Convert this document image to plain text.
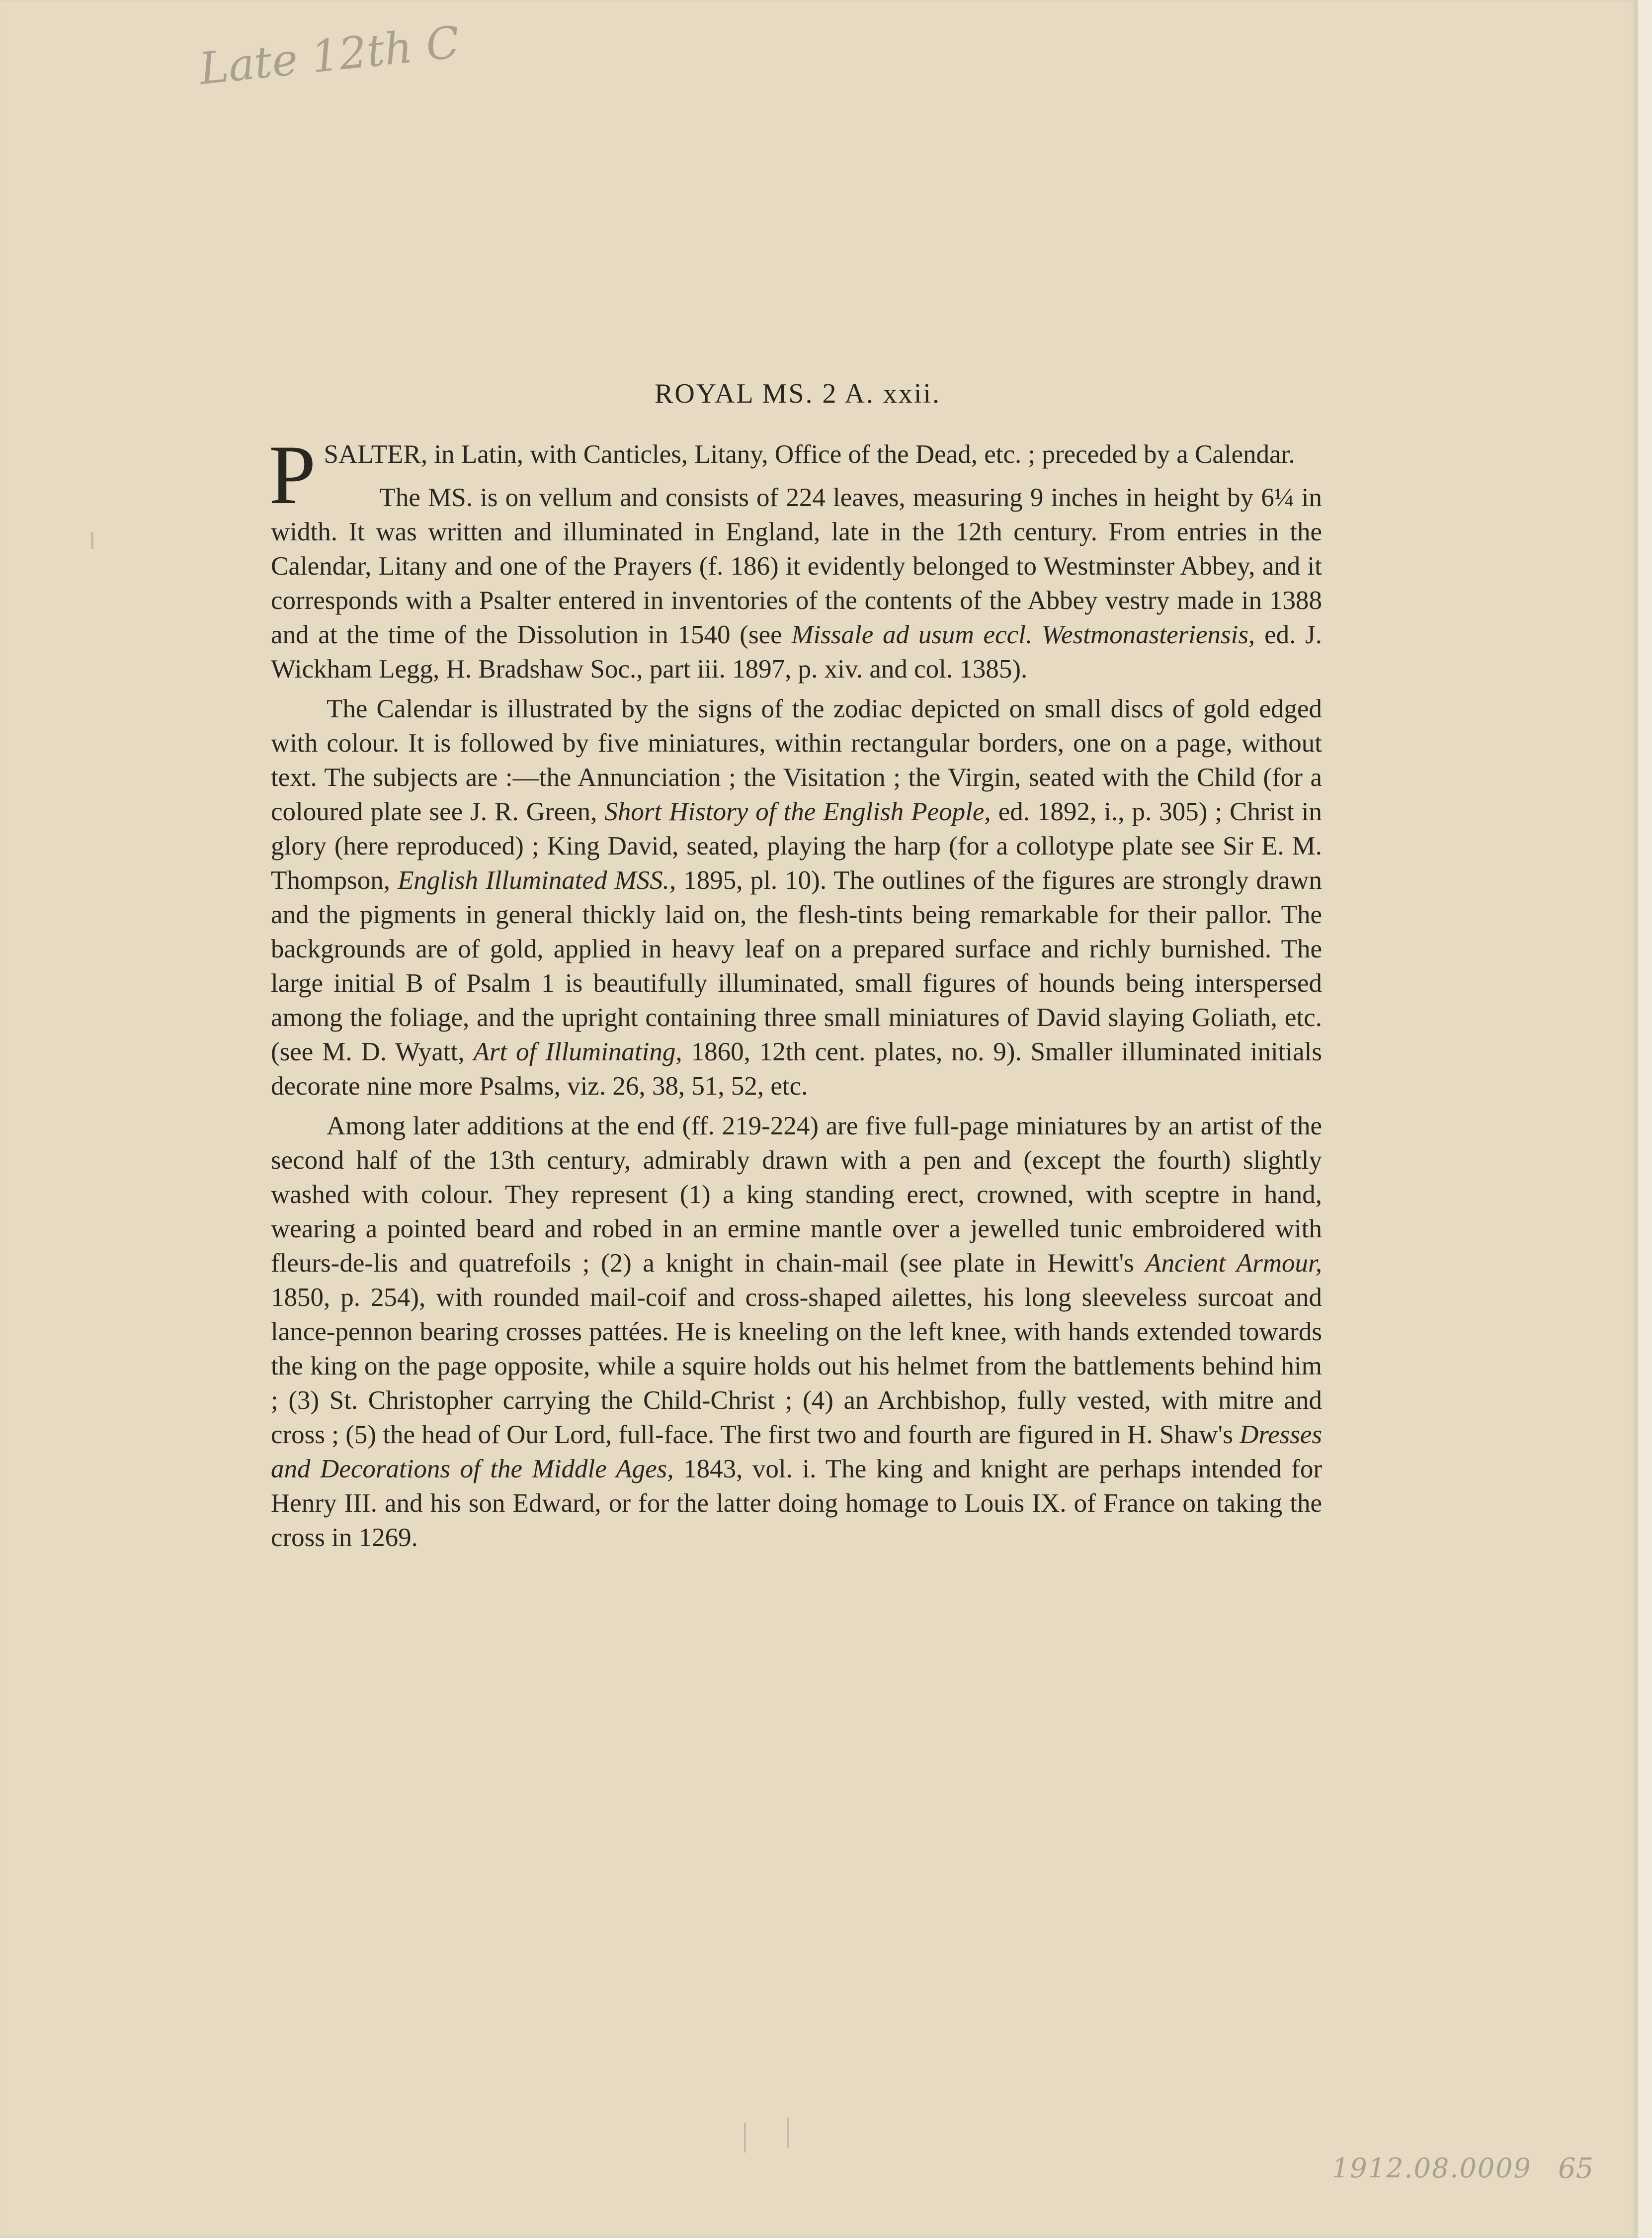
Late 12th C
1912.08.0009 65
ROYAL MS. 2 A. xxii.

PSALTER, in Latin, with Canticles, Litany, Office of the Dead, etc. ; preceded by a Calendar.

The MS. is on vellum and consists of 224 leaves, measuring 9 inches in height by 6¼ in width. It was written and illuminated in England, late in the 12th century. From entries in the Calendar, Litany and one of the Prayers (f. 186) it evidently belonged to Westminster Abbey, and it corresponds with a Psalter entered in inventories of the contents of the Abbey vestry made in 1388 and at the time of the Dissolution in 1540 (see Missale ad usum eccl. Westmonasteriensis, ed. J. Wickham Legg, H. Bradshaw Soc., part iii. 1897, p. xiv. and col. 1385).

The Calendar is illustrated by the signs of the zodiac depicted on small discs of gold edged with colour. It is followed by five miniatures, within rectangular borders, one on a page, without text. The subjects are :—the Annunciation ; the Visitation ; the Virgin, seated with the Child (for a coloured plate see J. R. Green, Short History of the English People, ed. 1892, i., p. 305) ; Christ in glory (here reproduced) ; King David, seated, playing the harp (for a collotype plate see Sir E. M. Thompson, English Illuminated MSS., 1895, pl. 10). The outlines of the figures are strongly drawn and the pigments in general thickly laid on, the flesh-tints being remarkable for their pallor. The backgrounds are of gold, applied in heavy leaf on a prepared surface and richly burnished. The large initial B of Psalm 1 is beautifully illuminated, small figures of hounds being interspersed among the foliage, and the upright containing three small miniatures of David slaying Goliath, etc. (see M. D. Wyatt, Art of Illuminating, 1860, 12th cent. plates, no. 9). Smaller illuminated initials decorate nine more Psalms, viz. 26, 38, 51, 52, etc.

Among later additions at the end (ff. 219-224) are five full-page miniatures by an artist of the second half of the 13th century, admirably drawn with a pen and (except the fourth) slightly washed with colour. They represent (1) a king standing erect, crowned, with sceptre in hand, wearing a pointed beard and robed in an ermine mantle over a jewelled tunic embroidered with fleurs-de-lis and quatrefoils ; (2) a knight in chain-mail (see plate in Hewitt's Ancient Armour, 1850, p. 254), with rounded mail-coif and cross-shaped ailettes, his long sleeveless surcoat and lance-pennon bearing crosses pattées. He is kneeling on the left knee, with hands extended towards the king on the page opposite, while a squire holds out his helmet from the battlements behind him ; (3) St. Christopher carrying the Child-Christ ; (4) an Archbishop, fully vested, with mitre and cross ; (5) the head of Our Lord, full-face. The first two and fourth are figured in H. Shaw's Dresses and Decorations of the Middle Ages, 1843, vol. i. The king and knight are perhaps intended for Henry III. and his son Edward, or for the latter doing homage to Louis IX. of France on taking the cross in 1269.
